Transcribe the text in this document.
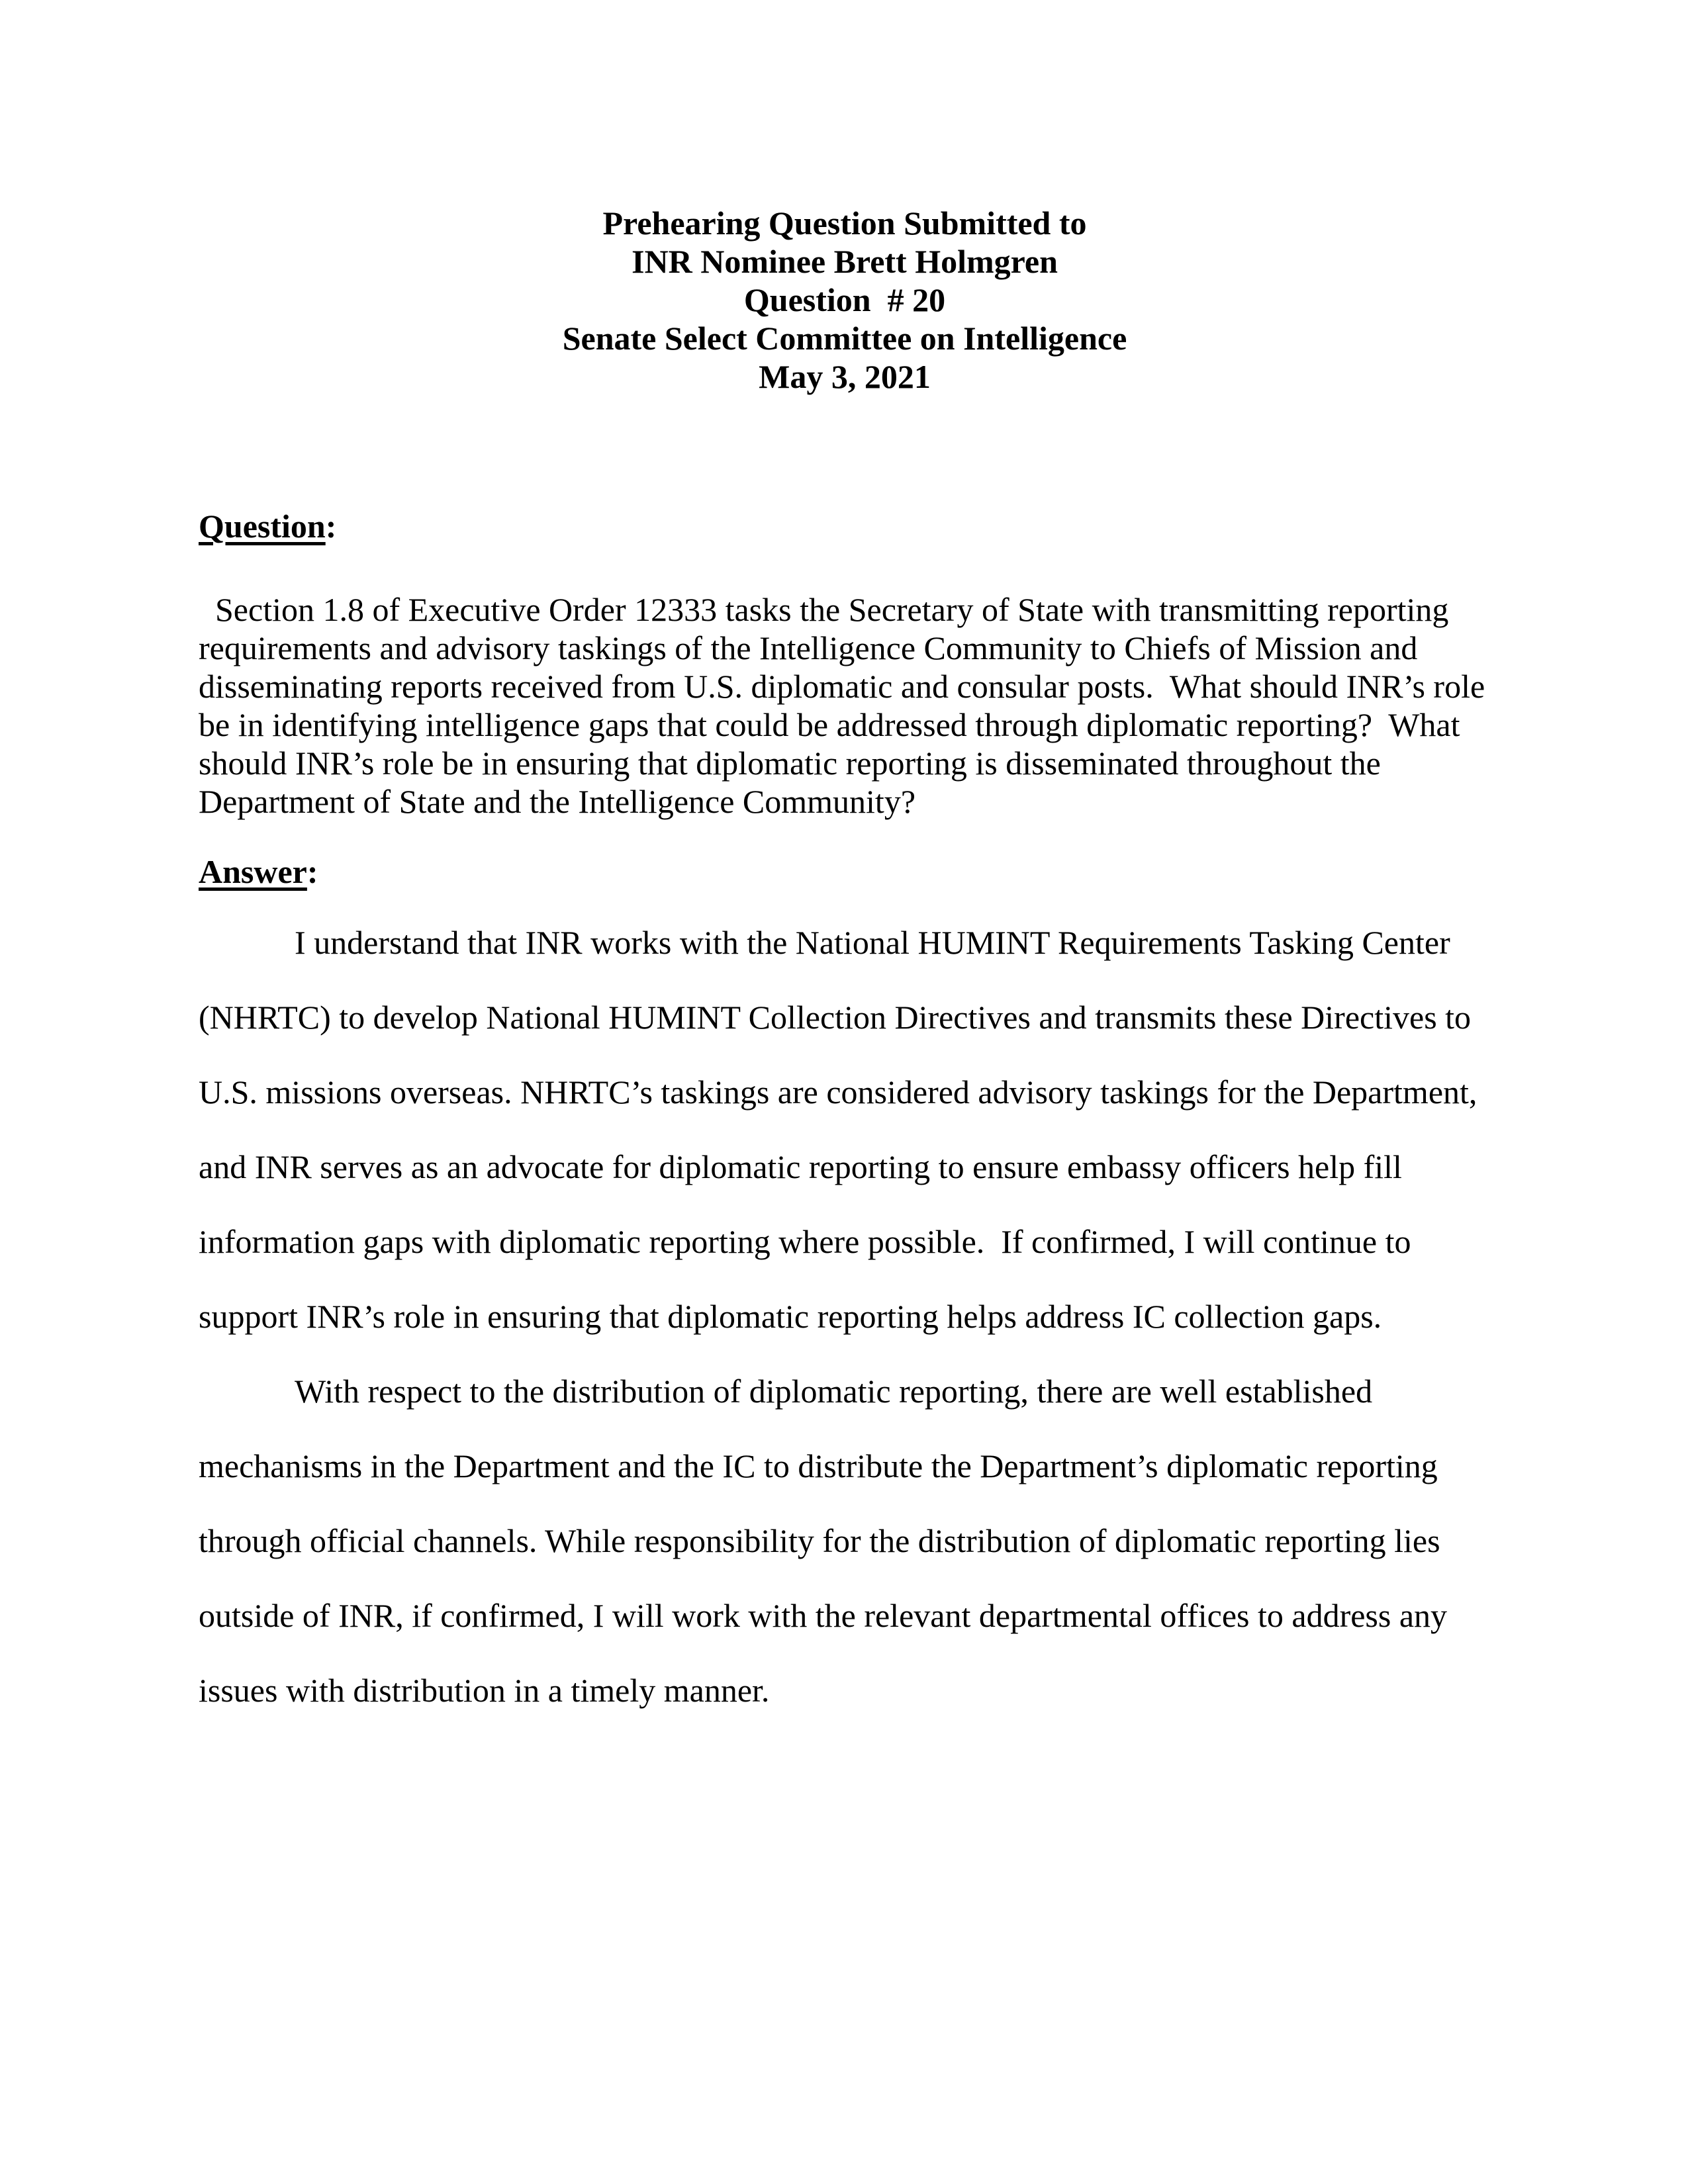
Prehearing Question Submitted to
INR Nominee Brett Holmgren
Question  # 20
Senate Select Committee on Intelligence
May 3, 2021
Question:

Section 1.8 of Executive Order 12333 tasks the Secretary of State with transmitting reporting requirements and advisory taskings of the Intelligence Community to Chiefs of Mission and disseminating reports received from U.S. diplomatic and consular posts.  What should INR’s role be in identifying intelligence gaps that could be addressed through diplomatic reporting?  What should INR’s role be in ensuring that diplomatic reporting is disseminated throughout the Department of State and the Intelligence Community?

Answer:

I understand that INR works with the National HUMINT Requirements Tasking Center (NHRTC) to develop National HUMINT Collection Directives and transmits these Directives to U.S. missions overseas. NHRTC’s taskings are considered advisory taskings for the Department, and INR serves as an advocate for diplomatic reporting to ensure embassy officers help fill information gaps with diplomatic reporting where possible.  If confirmed, I will continue to support INR’s role in ensuring that diplomatic reporting helps address IC collection gaps.

With respect to the distribution of diplomatic reporting, there are well established mechanisms in the Department and the IC to distribute the Department’s diplomatic reporting through official channels. While responsibility for the distribution of diplomatic reporting lies outside of INR, if confirmed, I will work with the relevant departmental offices to address any issues with distribution in a timely manner.
